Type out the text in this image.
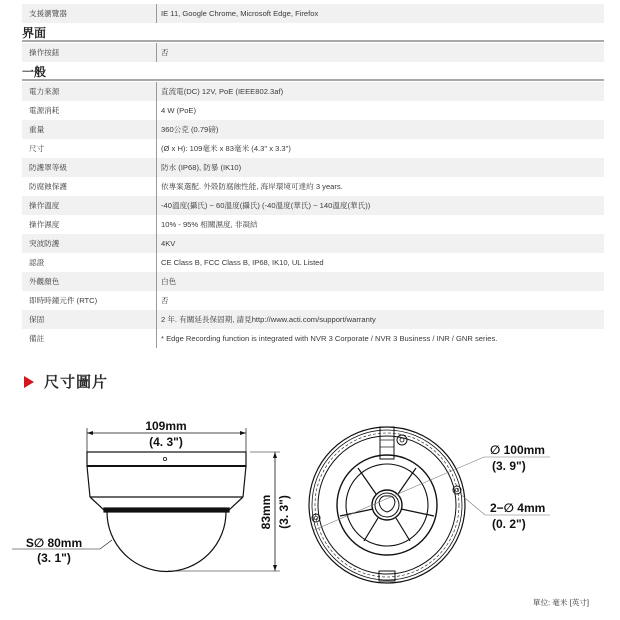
支援瀏覽器	IE 11, Google Chrome, Microsoft Edge, Firefox
界面
操作按鈕	否
一般
電力來源	直流電(DC) 12V, PoE (IEEE802.3af)
電源消耗	4 W (PoE)
重量	360公克 (0.79磅)
尺寸	(Ø x H): 109毫米 x 83毫米 (4.3" x 3.3")
防護罩等級	防水 (IP68), 防暴 (IK10)
防腐蝕保護	依專案選配. 外殼防腐蝕性能, 海岸環境可達約 3 years.
操作溫度	-40溫度(攝氏) ~ 60溫度(攝氏) (-40溫度(華氏) ~ 140溫度(華氏))
操作濕度	10% - 95% 相關濕度, 非凝結
突波防護	4KV
認證	CE Class B, FCC Class B, IP68, IK10, UL Listed
外觀顏色	白色
即時時鐘元件 (RTC)	否
保固	2 年. 有關延長保固期, 請見http://www.acti.com/support/warranty
備註	* Edge Recording function is integrated with NVR 3 Corporate / NVR 3 Business / INR / GNR series.
尺寸圖片
109mm
(4. 3")
S∅ 80mm
(3. 1")
83mm (3. 3")
∅ 100mm
(3. 9")
2−∅ 4mm
(0. 2")
單位: 毫米 [英寸]
